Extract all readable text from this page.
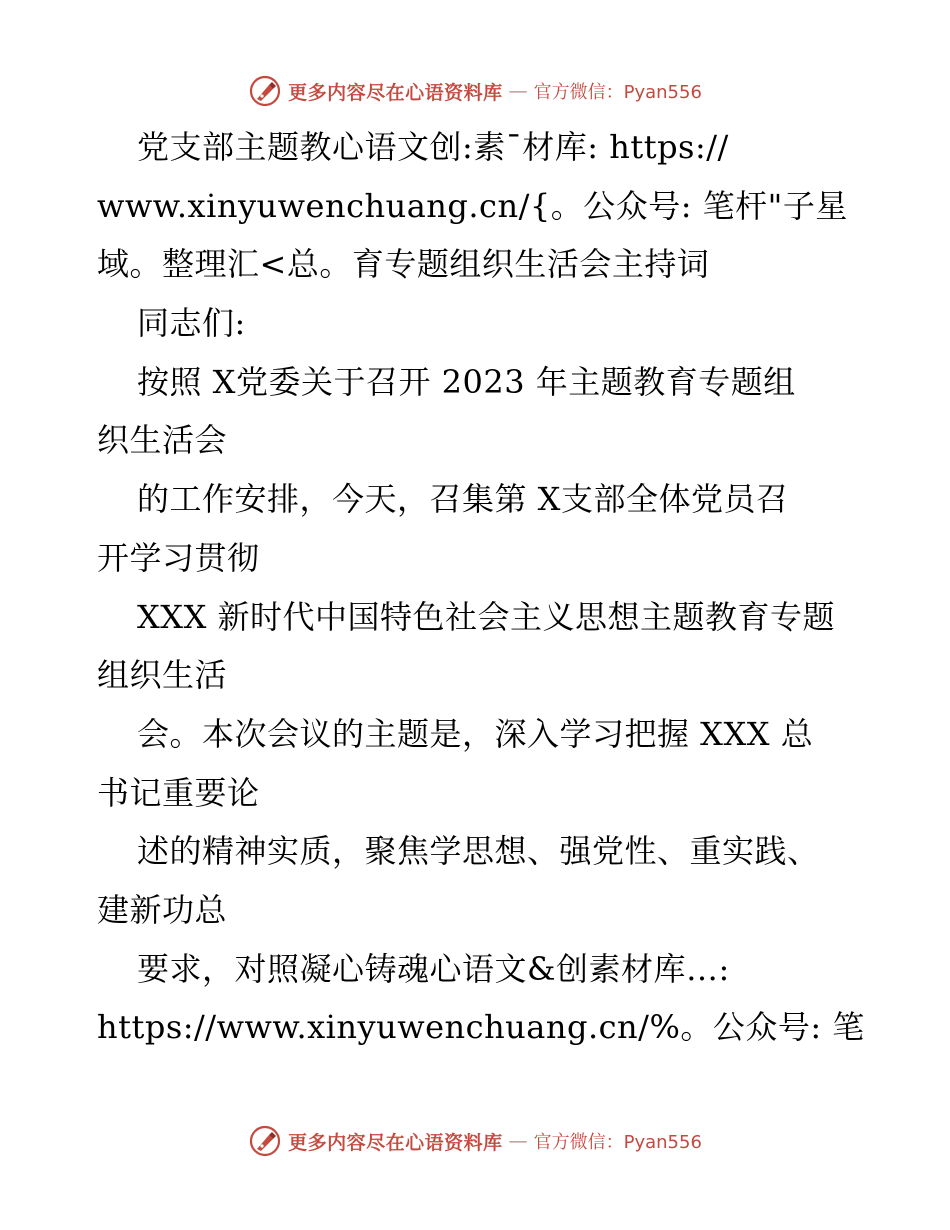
更多内容尽在心语资料库 — 官方微信：Pyan556
党支部主题教心语文创:素¯材库: https://
www.xinyuwenchuang.cn/{。公众号: 笔杆"子星
域。整理汇<总。育专题组织生活会主持词
同志们:
按照 X党委关于召开 2023 年主题教育专题组
织生活会
的工作安排，今天，召集第 X支部全体党员召
开学习贯彻
XXX 新时代中国特色社会主义思想主题教育专题
组织生活
会。本次会议的主题是，深入学习把握 XXX 总
书记重要论
述的精神实质，聚焦学思想、强党性、重实践、
建新功总
要求，对照凝心铸魂心语文&创素材库…:
https://www.xinyuwenchuang.cn/%。公众号: 笔
更多内容尽在心语资料库 — 官方微信：Pyan556
